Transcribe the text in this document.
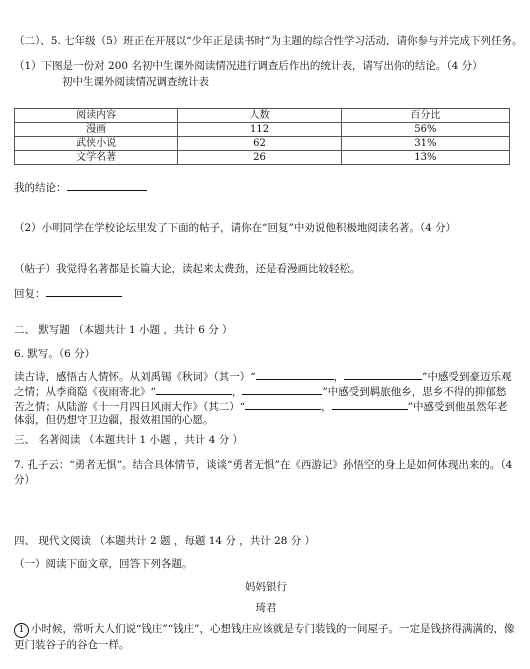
（二）、5. 七年级（5）班正在开展以“少年正是读书时”为主题的综合性学习活动，请你参与并完成下列任务。
（1）下图是一份对 200 名初中生课外阅读情况进行调查后作出的统计表，请写出你的结论。（4 分）
初中生课外阅读情况调查统计表
阅读内容	人数	百分比
漫画	112	56%
武侠小说	62	31%
文学名著	26	13%
我的结论：
（2）小明同学在学校论坛里发了下面的帖子，请你在“回复”中劝说他积极地阅读名著。（4 分）
（帖子）我觉得名著都是长篇大论，读起来太费劲，还是看漫画比较轻松。
回复：
二、 默写题 （本题共计 1 小题 ，共计 6 分 ）
6. 默写。（6 分）
读古诗，感悟古人情怀。从刘禹锡《秋词》（其一）“	，	”中感受到豪迈乐观
之情；从李商隐《夜雨寄北》“	，	”中感受到羁旅他乡，思乡不得的抑郁愁
苦之情；从陆游《十一月四日风雨大作》（其二）“	，	”中感受到他虽然年老
体弱，但仍想守卫边疆，报效祖国的心愿。
三、 名著阅读 （本题共计 1 小题 ，共计 4 分 ）
7. 孔子云：“勇者无惧”。结合具体情节，谈谈“勇者无惧”在《西游记》孙悟空的身上是如何体现出来的。（4 分）
四、 现代文阅读 （本题共计 2 题 ，每题 14 分 ，共计 28 分 ）
（一）阅读下面文章，回答下列各题。
妈妈银行
琦君
1 小时候，常听大人们说“钱庄”“钱庄”，心想钱庄应该就是专门装钱的一间屋子。一定是钱挤得满满的，像更门装谷子的谷仓一样。
